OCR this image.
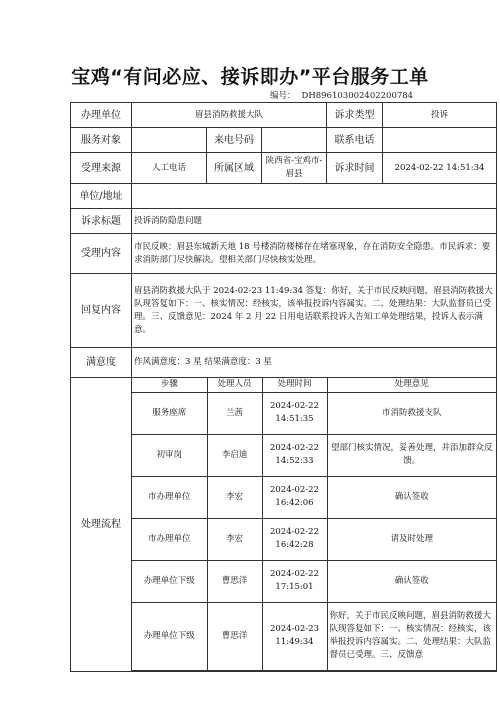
宝鸡“有问必应、接诉即办”平台服务工单
编号： DH896103002402200784
办理单位	眉县消防救援大队	诉求类型	投诉
服务对象		来电号码		联系电话	
受理来源	人工电话	所属区域	陕西省-宝鸡市-眉县	诉求时间	2024-02-22 14:51:34
单位/地址	
诉求标题	投诉消防隐患问题
受理内容	市民反映：眉县东城新天地 18 号楼消防楼梯存在堵塞现象，存在消防安全隐患。市民诉求：要求消防部门尽快解决。望相关部门尽快核实处理。
回复内容	眉县消防救援大队于 2024-02-23 11:49:34 答复：你好，关于市民反映问题，眉县消防救援大队现答复如下：一、核实情况：经核实，该举报投诉内容属实。二、处理结果：大队监督员已受理。三、反馈意见：2024 年 2 月 22 日用电话联系投诉人告知工单处理结果，投诉人表示满意。
满意度	作风满意度：3 星 结果满意度：3 星
处理流程	
步骤	处理人员	处理时间	处理意见
服务座席	兰茜	2024-02-22 14:51:35	市消防救援支队
初审岗	李启迪	2024-02-22 14:52:33	望部门核实情况，妥善处理，并添加群众反馈。
市办理单位	李宏	2024-02-22 16:42:06	确认签收
市办理单位	李宏	2024-02-22 16:42:28	请及时处理
办理单位下级	曹思洋	2024-02-22 17:15:01	确认签收
办理单位下级	曹思洋	2024-02-23 11:49:34	你好，关于市民反映问题，眉县消防救援大队现答复如下：一、核实情况：经核实，该举报投诉内容属实。二、处理结果：大队监督员已受理。三、反馈意
